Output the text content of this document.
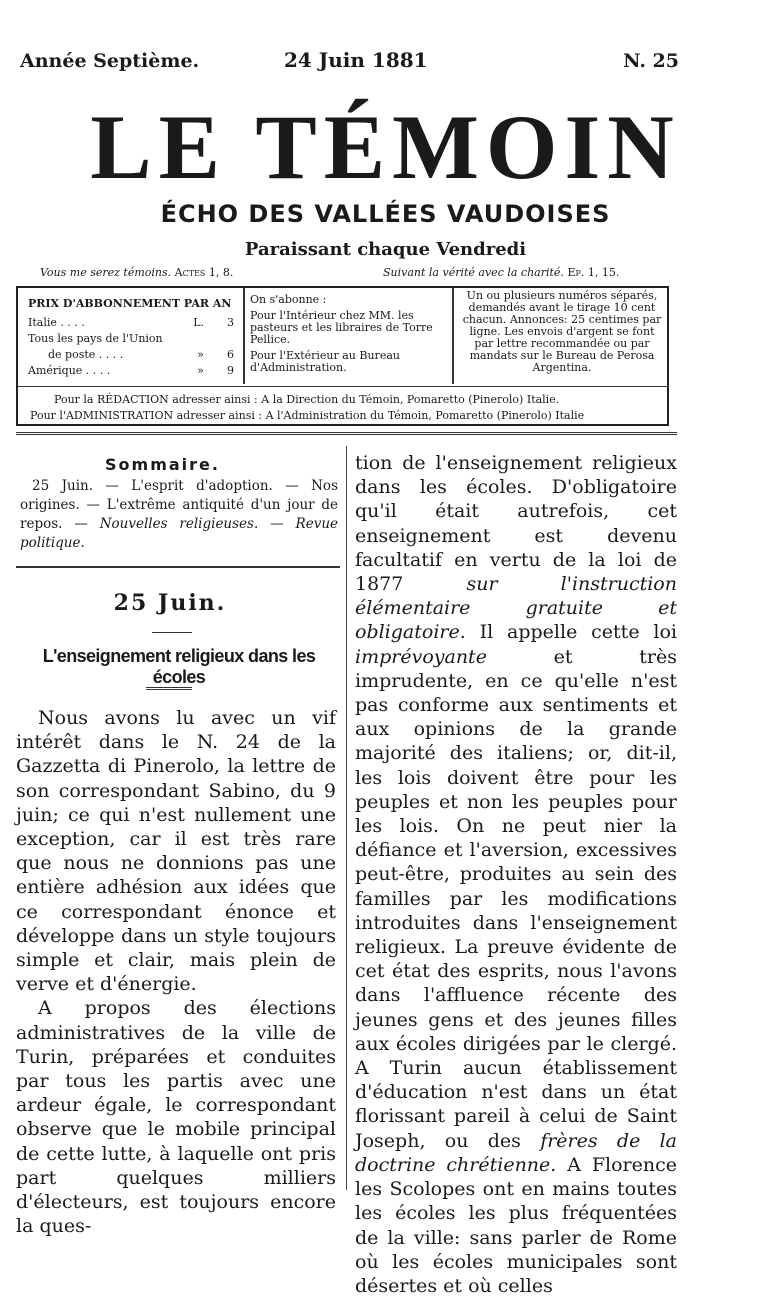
Année Septième.	24 Juin 1881	N. 25
LE TÉMOIN
ÉCHO DES VALLÉES VAUDOISES
Paraissant chaque Vendredi
Vous me serez témoins. Actes 1, 8.	Suivant la vérité avec la charité. Ep. 1, 15.
PRIX D'ABBONNEMENT PAR AN
Italie . . . .	L.	3
Tous les pays de l'Union
de poste . . . .	»	6
Amérique . . . .	»	9
On s'abonne :
Pour l'Intérieur chez MM. les pasteurs et les libraires de Torre Pellice.
Pour l'Extérieur au Bureau d'Administration.
Un ou plusieurs numéros séparés, demandés avant le tirage 10 cent chacun. Annonces: 25 centimes par ligne. Les envois d'argent se font par lettre recommandée ou par mandats sur le Bureau de Perosa Argentina.
Pour la RÉDACTION adresser ainsi : A la Direction du Témoin, Pomaretto (Pinerolo) Italie.
Pour l'ADMINISTRATION adresser ainsi : A l'Administration du Témoin, Pomaretto (Pinerolo) Italie
Sommaire.
25 Juin. — L'esprit d'adoption. — Nos origines. — L'extrême antiquité d'un jour de repos. — Nouvelles religieuses. — Revue politique.
25 Juin.
L'enseignement religieux dans les écoles

Nous avons lu avec un vif intérêt dans le N. 24 de la Gazzetta di Pinerolo, la lettre de son correspondant Sabino, du 9 juin; ce qui n'est nullement une exception, car il est très rare que nous ne donnions pas une entière adhésion aux idées que ce correspondant énonce et développe dans un style toujours simple et clair, mais plein de verve et d'énergie.

A propos des élections administratives de la ville de Turin, préparées et conduites par tous les partis avec une ardeur égale, le correspondant observe que le mobile principal de cette lutte, à laquelle ont pris part quelques milliers d'électeurs, est toujours encore la ques-

tion de l'enseignement religieux dans les écoles. D'obligatoire qu'il était autrefois, cet enseignement est devenu facultatif en vertu de la loi de 1877	sur l'instruction élémentaire gratuite et obligatoire. Il appelle cette loi imprévoyante	et très imprudente, en ce qu'elle n'est pas conforme aux sentiments et aux opinions de la grande majorité des italiens; or, dit-il, les lois doivent être pour les peuples et non les peuples pour les lois. On ne peut nier la défiance et l'aversion, excessives peut-être, produites au sein des familles par les modifications introduites dans l'enseignement religieux. La preuve évidente de cet état des esprits, nous l'avons dans l'affluence récente des jeunes gens et des jeunes filles aux écoles dirigées par le clergé. A Turin aucun établissement d'éducation n'est dans un état florissant pareil à celui de Saint Joseph, ou des frères de la doctrine chrétienne. A Florence les Scolopes ont en mains toutes les écoles les plus fréquentées de la ville: sans parler de Rome où les écoles municipales sont désertes et où celles
